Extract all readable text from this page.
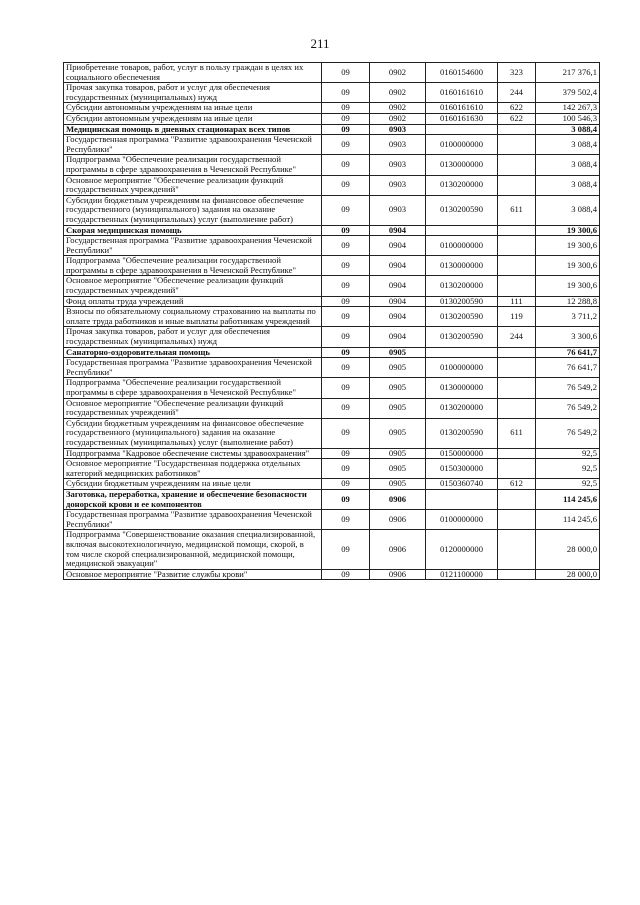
211
Приобретение товаров, работ, услуг в пользу граждан в целях их социального обеспечения	09	0902	0160154600	323	217 376,1
Прочая закупка товаров, работ и услуг для обеспечения государственных (муниципальных) нужд	09	0902	0160161610	244	379 502,4
Субсидии автономным учреждениям на иные цели	09	0902	0160161610	622	142 267,3
Субсидии автономным учреждениям на иные цели	09	0902	0160161630	622	100 546,3
Медицинская помощь в дневных стационарах всех типов	09	0903			3 088,4
Государственная программа "Развитие здравоохранения Чеченской Республики"	09	0903	0100000000		3 088,4
Подпрограмма "Обеспечение реализации государственной программы в сфере здравоохранения в Чеченской Республике"	09	0903	0130000000		3 088,4
Основное мероприятие "Обеспечение реализации функций государственных учреждений"	09	0903	0130200000		3 088,4
Субсидии бюджетным учреждениям на финансовое обеспечение государственного (муниципального) задания на оказание государственных (муниципальных) услуг (выполнение работ)	09	0903	0130200590	611	3 088,4
Скорая медицинская помощь	09	0904			19 300,6
Государственная программа "Развитие здравоохранения Чеченской Республики"	09	0904	0100000000		19 300,6
Подпрограмма "Обеспечение реализации государственной программы в сфере здравоохранения в Чеченской Республике"	09	0904	0130000000		19 300,6
Основное мероприятие "Обеспечение реализации функций государственных учреждений"	09	0904	0130200000		19 300,6
Фонд оплаты труда учреждений	09	0904	0130200590	111	12 288,8
Взносы по обязательному социальному страхованию на выплаты по оплате труда работников и иные выплаты работникам учреждений	09	0904	0130200590	119	3 711,2
Прочая закупка товаров, работ и услуг для обеспечения государственных (муниципальных) нужд	09	0904	0130200590	244	3 300,6
Санаторно-оздоровительная помощь	09	0905			76 641,7
Государственная программа "Развитие здравоохранения Чеченской Республики"	09	0905	0100000000		76 641,7
Подпрограмма "Обеспечение реализации государственной программы в сфере здравоохранения в Чеченской Республике"	09	0905	0130000000		76 549,2
Основное мероприятие "Обеспечение реализации функций государственных учреждений"	09	0905	0130200000		76 549,2
Субсидии бюджетным учреждениям на финансовое обеспечение государственного (муниципального) задания на оказание государственных (муниципальных) услуг (выполнение работ)	09	0905	0130200590	611	76 549,2
Подпрограмма "Кадровое обеспечение системы здравоохранения"	09	0905	0150000000		92,5
Основное мероприятие "Государственная поддержка отдельных категорий медицинских работников"	09	0905	0150300000		92,5
Субсидии бюджетным учреждениям на иные цели	09	0905	0150360740	612	92,5
Заготовка, переработка, хранение и обеспечение безопасности донорской крови и ее компонентов	09	0906			114 245,6
Государственная программа "Развитие здравоохранения Чеченской Республики"	09	0906	0100000000		114 245,6
Подпрограмма "Совершенствование оказания специализированной, включая высокотехнологичную, медицинской помощи, скорой, в том числе скорой специализированной, медицинской помощи, медицинской эвакуации"	09	0906	0120000000		28 000,0
Основное мероприятие "Развитие службы крови"	09	0906	0121100000		28 000,0
